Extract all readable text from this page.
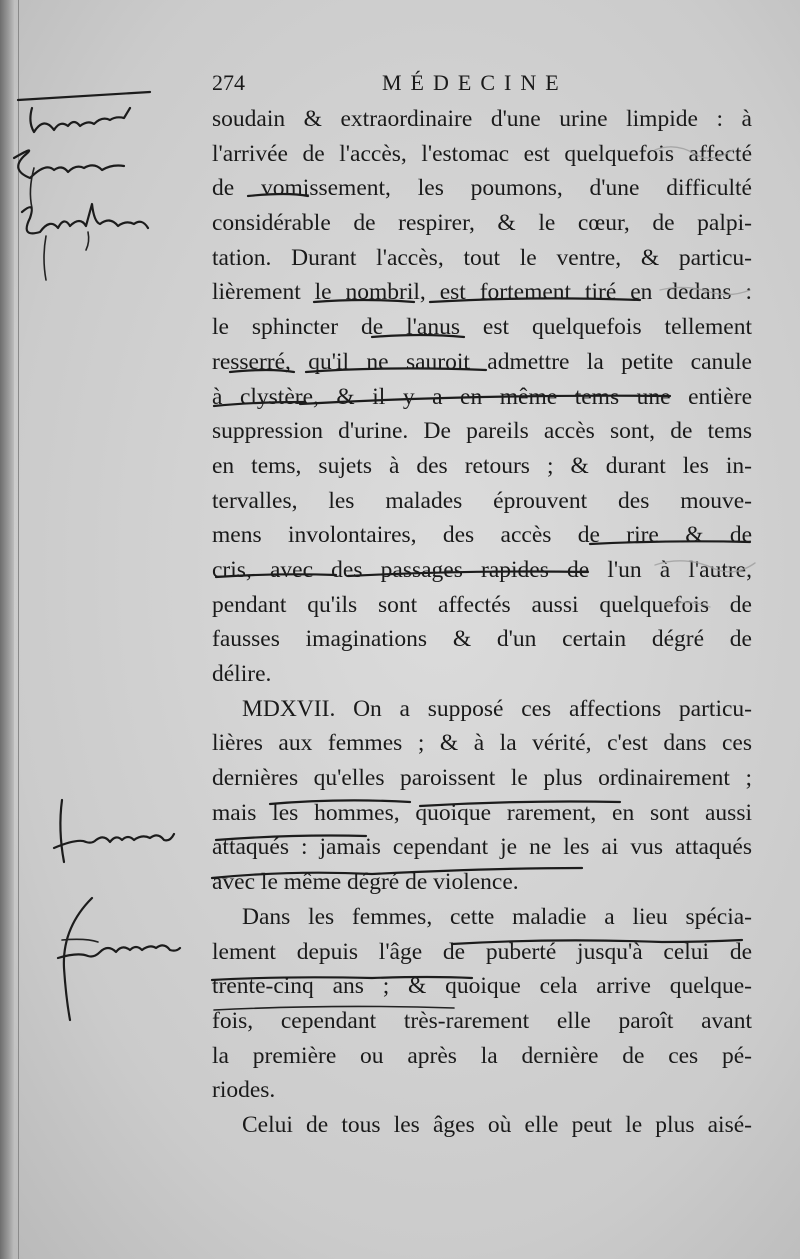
274	MÉDECINE
soudain & extraordinaire d'une urine limpide : à
l'arrivée de l'accès, l'estomac est quelquefois affecté
de vomissement, les poumons, d'une difficulté
considérable de respirer, & le cœur, de palpi-
tation. Durant l'accès, tout le ventre, & particu-
lièrement le nombril, est fortement tiré en dedans :
le sphincter de l'anus est quelquefois tellement
resserré, qu'il ne sauroit admettre la petite canule
à clystère, & il y a en même tems une entière
suppression d'urine. De pareils accès sont, de tems
en tems, sujets à des retours ; & durant les in-
tervalles, les malades éprouvent des mouve-
mens involontaires, des accès de rire & de
cris, avec des passages rapides de l'un à l'autre,
pendant qu'ils sont affectés aussi quelquefois de
fausses imaginations & d'un certain dégré de
délire.
MDXVII. On a supposé ces affections particu-
lières aux femmes ; & à la vérité, c'est dans ces
dernières qu'elles paroissent le plus ordinairement ;
mais les hommes, quoique rarement, en sont aussi
attaqués : jamais cependant je ne les ai vus attaqués
avec le même dégré de violence.
Dans les femmes, cette maladie a lieu spécia-
lement depuis l'âge de puberté jusqu'à celui de
trente-cinq ans ; & quoique cela arrive quelque-
fois, cependant très-rarement elle paroît avant
la première ou après la dernière de ces pé-
riodes.
Celui de tous les âges où elle peut le plus aisé-
